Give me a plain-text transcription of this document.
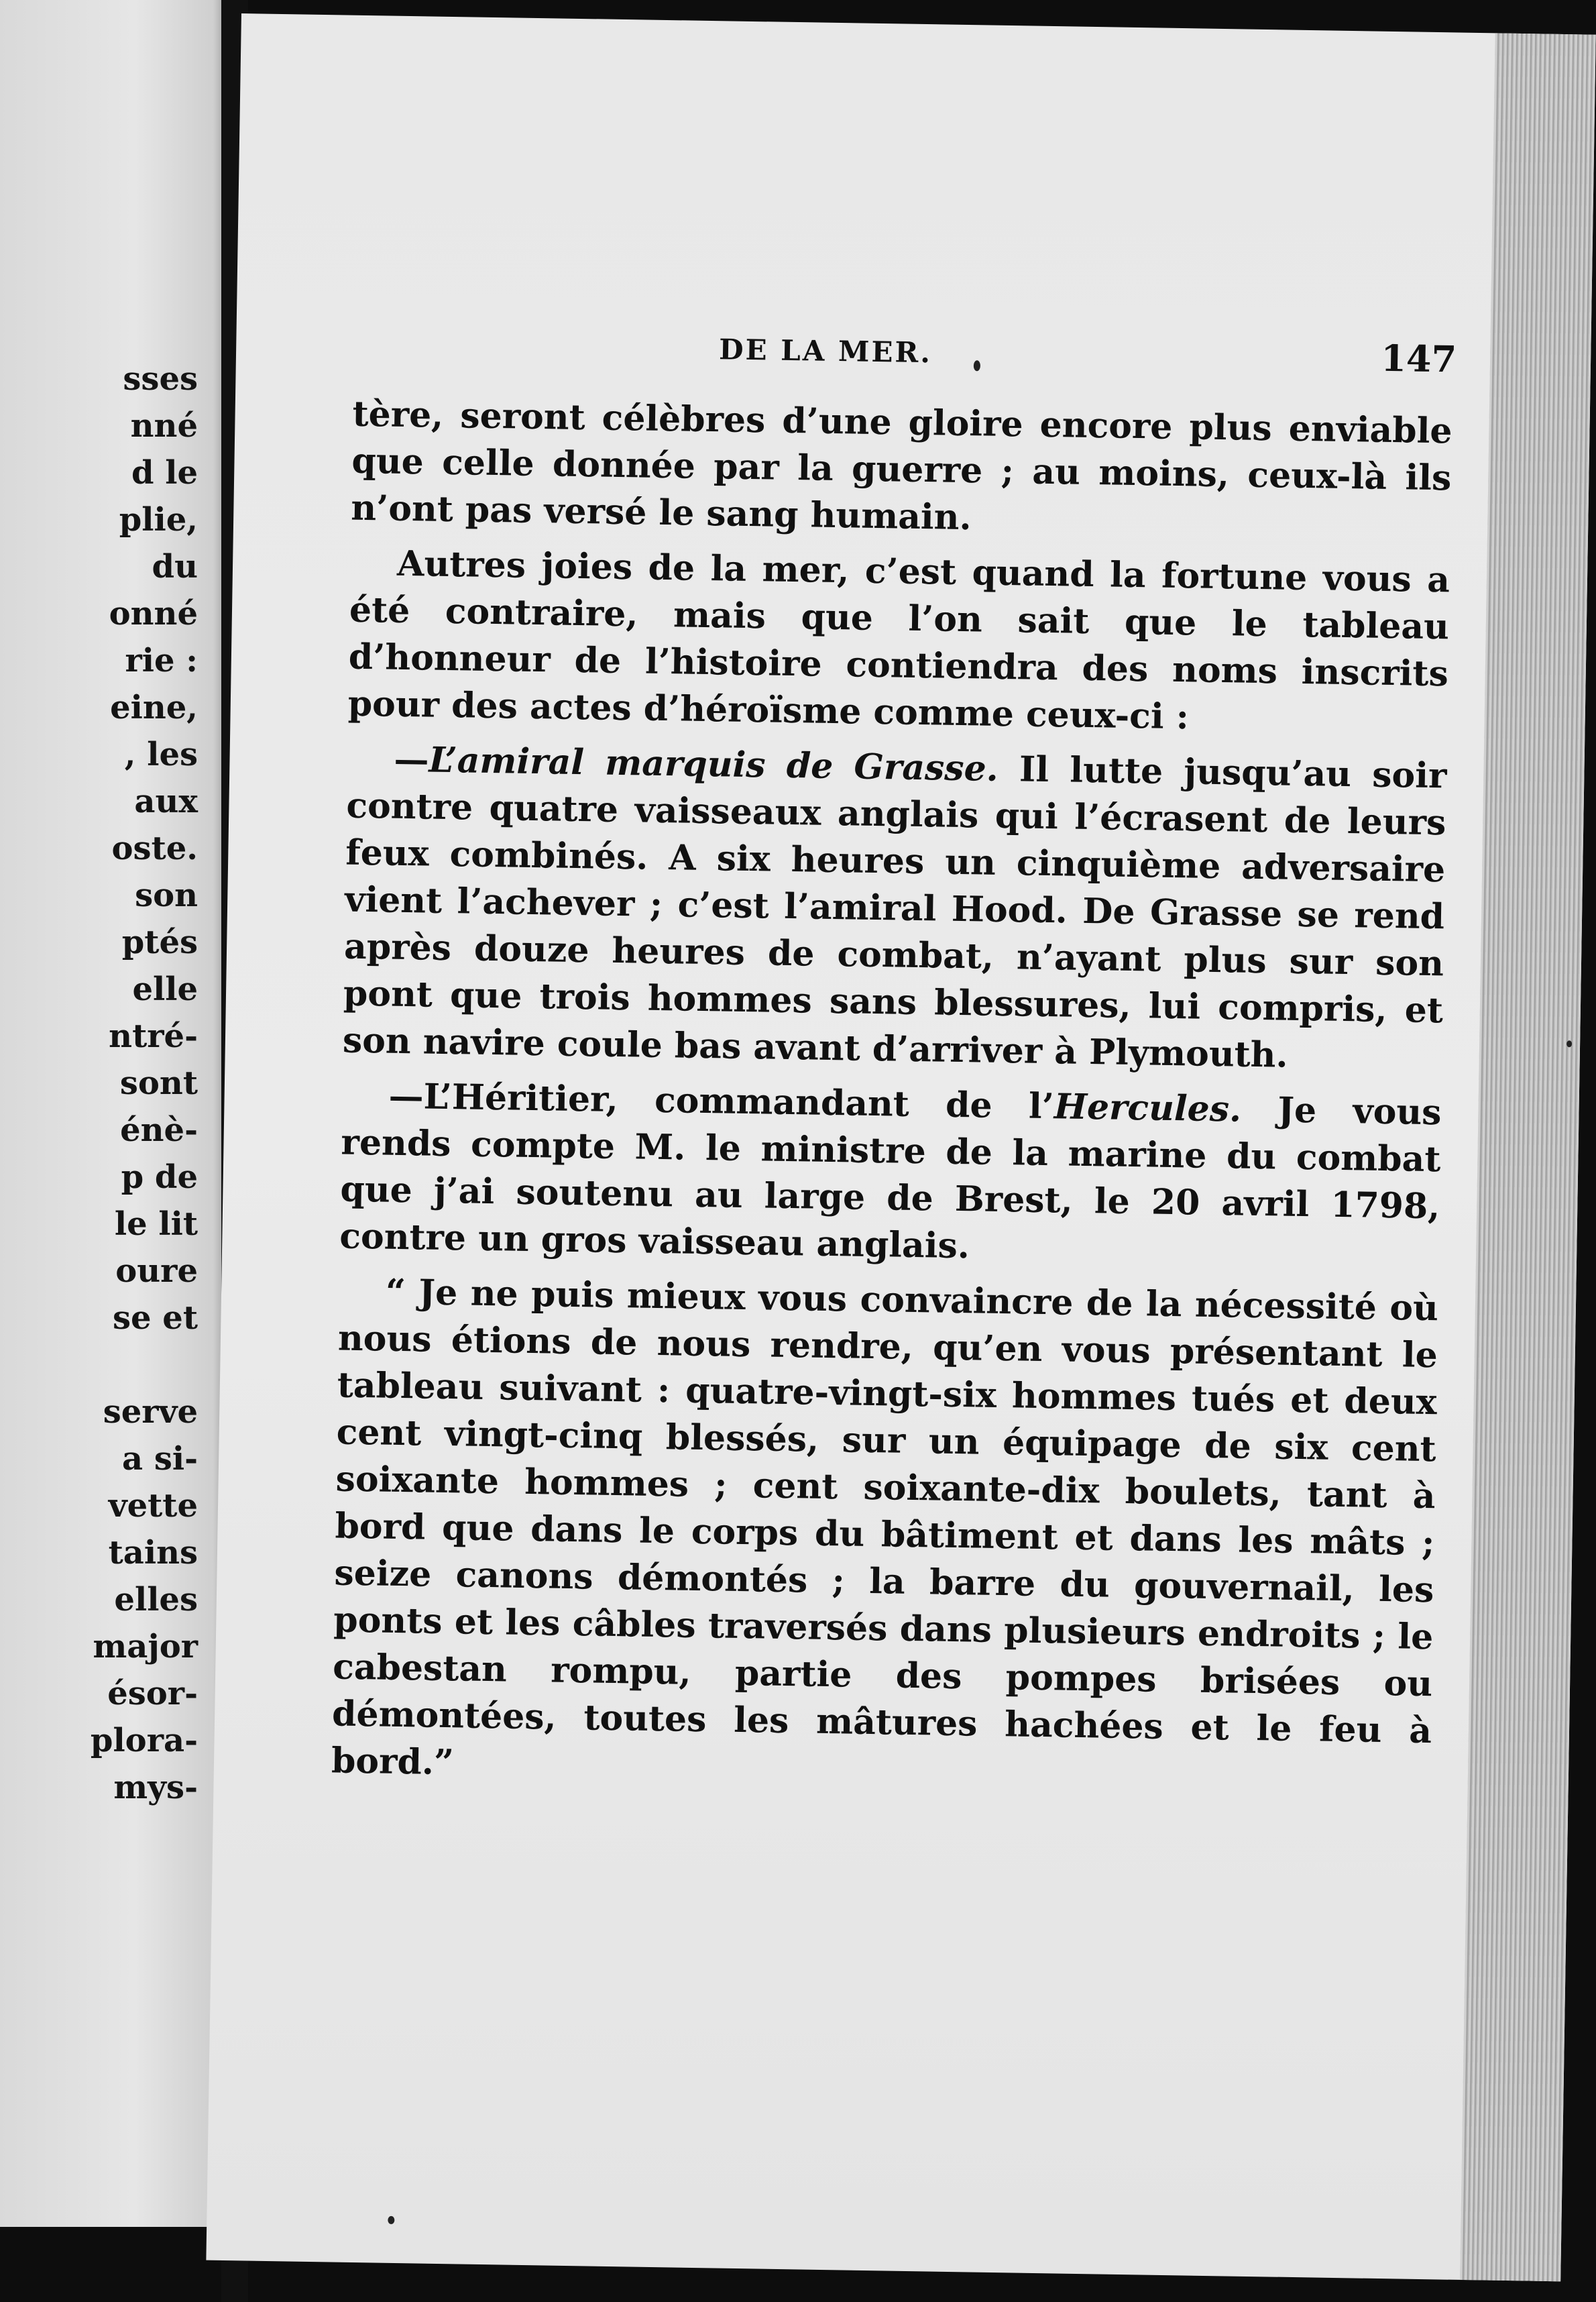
sses
nné
d le
plie,
du
onné
rie :
eine,
, les
aux
oste.
son
ptés
elle
ntré-
sont
énè-
p de
le lit
oure
se et
serve
a si-
vette
tains
elles
major
ésor-
plora-
mys-
DE LA MER.	147

tère, seront célèbres d’une gloire encore plus enviable que celle donnée par la guerre ; au moins, ceux-là ils n’ont pas versé le sang humain.

Autres joies de la mer, c’est quand la fortune vous a été contraire, mais que l’on sait que le tableau d’honneur de l’histoire contiendra des noms inscrits pour des actes d’héroïsme comme ceux-ci :

—L’amiral marquis de Grasse. Il lutte jusqu’au soir contre quatre vaisseaux anglais qui l’écrasent de leurs feux combinés. A six heures un cinquième adversaire vient l’achever ; c’est l’amiral Hood. De Grasse se rend après douze heures de combat, n’ayant plus sur son pont que trois hommes sans blessures, lui compris, et son navire coule bas avant d’arriver à Plymouth.

—L’Héritier, commandant de l’Hercules. Je vous rends compte M. le ministre de la marine du combat que j’ai soutenu au large de Brest, le 20 avril 1798, contre un gros vaisseau anglais.

“ Je ne puis mieux vous convaincre de la nécessité où nous étions de nous rendre, qu’en vous présentant le tableau suivant : quatre-vingt-six hommes tués et deux cent vingt-cinq blessés, sur un équipage de six cent soixante hommes ; cent soixante-dix boulets, tant à bord que dans le corps du bâtiment et dans les mâts ; seize canons démontés ; la barre du gouvernail, les ponts et les câbles traversés dans plusieurs endroits ; le cabestan rompu, partie des pompes brisées ou démontées, toutes les mâtures hachées et le feu à bord.”
